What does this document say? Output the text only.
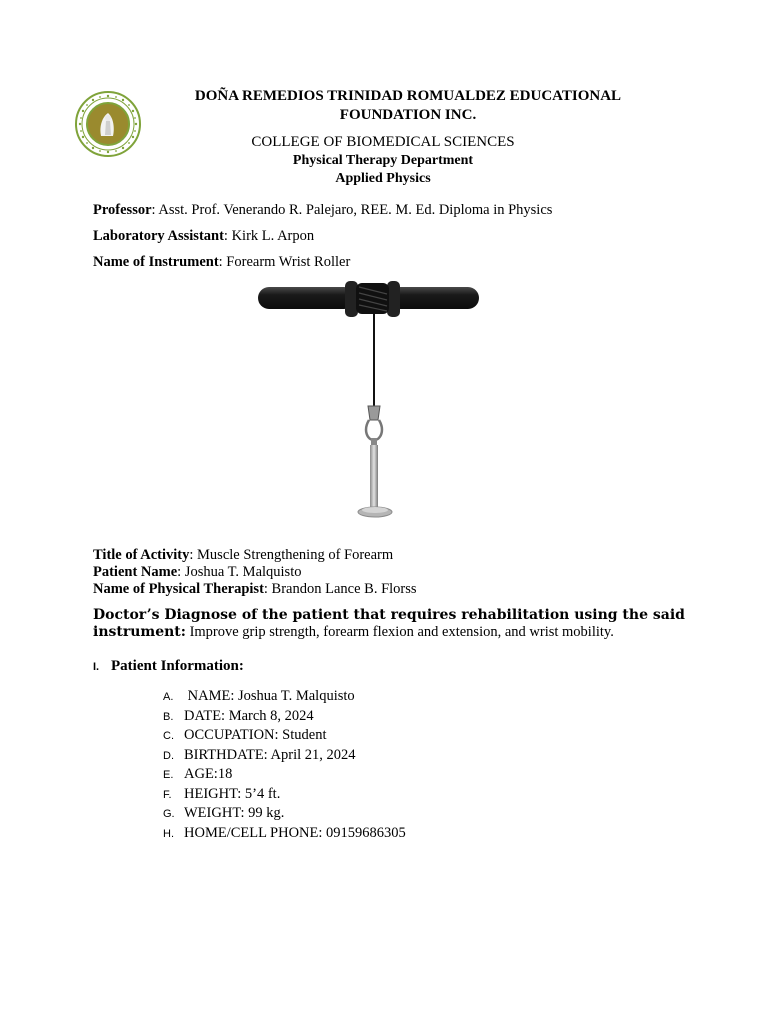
DOÑA REMEDIOS TRINIDAD ROMUALDEZ EDUCATIONAL
FOUNDATION INC.
COLLEGE OF BIOMEDICAL SCIENCES
Physical Therapy Department
Applied Physics
Professor: Asst. Prof. Venerando R. Palejaro, REE. M. Ed. Diploma in Physics
Laboratory Assistant: Kirk L. Arpon
Name of Instrument: Forearm Wrist Roller
Title of Activity: Muscle Strengthening of Forearm
Patient Name: Joshua T. Malquisto
Name of Physical Therapist: Brandon Lance B. Florss
Doctor’s Diagnose of the patient that requires rehabilitation using the said
instrument: Improve grip strength, forearm flexion and extension, and wrist mobility.
I. Patient Information:
A. NAME: Joshua T. Malquisto
B. DATE: March 8, 2024
C. OCCUPATION: Student
D. BIRTHDATE: April 21, 2024
E. AGE:18
F. HEIGHT: 5’4 ft.
G. WEIGHT: 99 kg.
H. HOME/CELL PHONE: 09159686305
